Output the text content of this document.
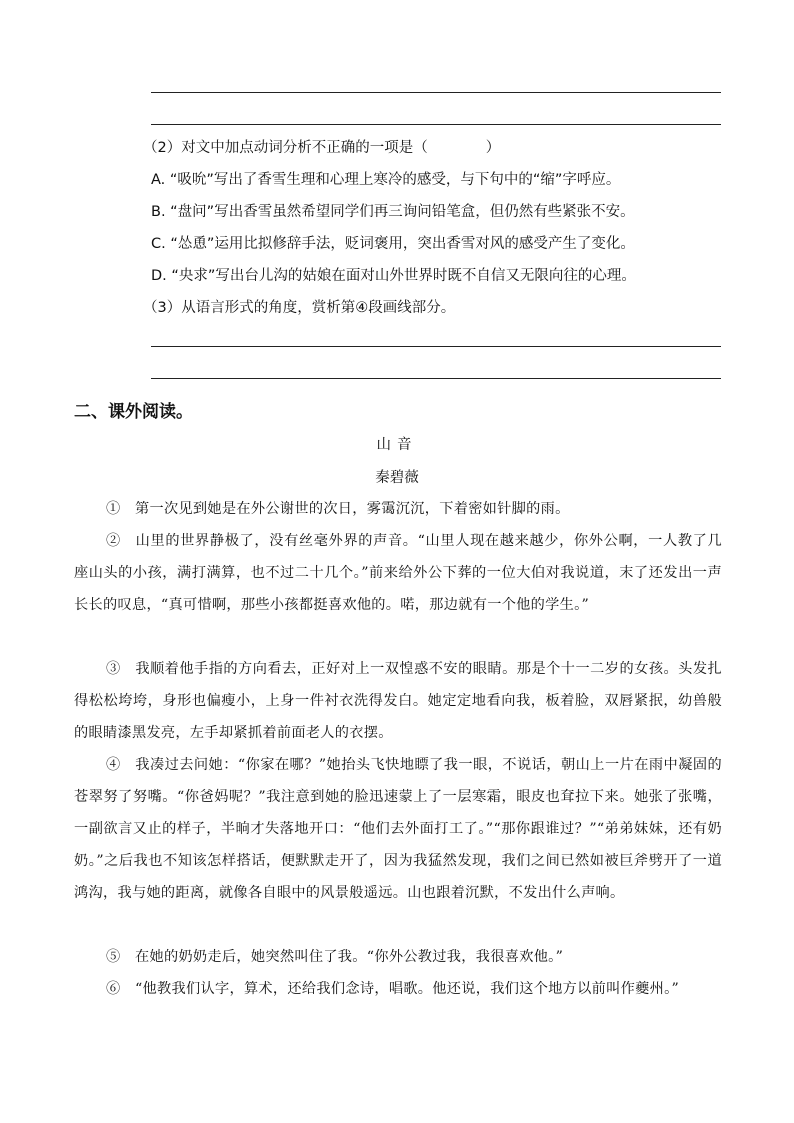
（2）对文中加点动词分析不正确的一项是（　　　　）
A. “吸吮”写出了香雪生理和心理上寒冷的感受，与下句中的“缩”字呼应。
B. “盘问”写出香雪虽然希望同学们再三询问铅笔盒，但仍然有些紧张不安。
C. “怂恿”运用比拟修辞手法，贬词褒用，突出香雪对风的感受产生了变化。
D. “央求”写出台儿沟的姑娘在面对山外世界时既不自信又无限向往的心理。
（3）从语言形式的角度，赏析第④段画线部分。
二、课外阅读。
山音
秦碧薇
①　第一次见到她是在外公谢世的次日，雾霭沉沉，下着密如针脚的雨。
②　山里的世界静极了，没有丝毫外界的声音。“山里人现在越来越少，你外公啊，一人教了几座山头的小孩，满打满算，也不过二十几个。”前来给外公下葬的一位大伯对我说道，末了还发出一声长长的叹息，“真可惜啊，那些小孩都挺喜欢他的。喏，那边就有一个他的学生。”
③　我顺着他手指的方向看去，正好对上一双惶惑不安的眼睛。那是个十一二岁的女孩。头发扎得松松垮垮，身形也偏瘦小，上身一件衬衣洗得发白。她定定地看向我，板着脸，双唇紧抿，幼兽般的眼睛漆黑发亮，左手却紧抓着前面老人的衣摆。
④　我凑过去问她：“你家在哪？”她抬头飞快地瞟了我一眼，不说话，朝山上一片在雨中凝固的苍翠努了努嘴。“你爸妈呢？”我注意到她的脸迅速蒙上了一层寒霜，眼皮也耷拉下来。她张了张嘴，一副欲言又止的样子，半晌才失落地开口：“他们去外面打工了。”“那你跟谁过？”“弟弟妹妹，还有奶奶。”之后我也不知该怎样搭话，便默默走开了，因为我猛然发现，我们之间已然如被巨斧劈开了一道鸿沟，我与她的距离，就像各自眼中的风景般遥远。山也跟着沉默，不发出什么声响。
⑤　在她的奶奶走后，她突然叫住了我。“你外公教过我，我很喜欢他。”
⑥　“他教我们认字，算术，还给我们念诗，唱歌。他还说，我们这个地方以前叫作夔州。”
